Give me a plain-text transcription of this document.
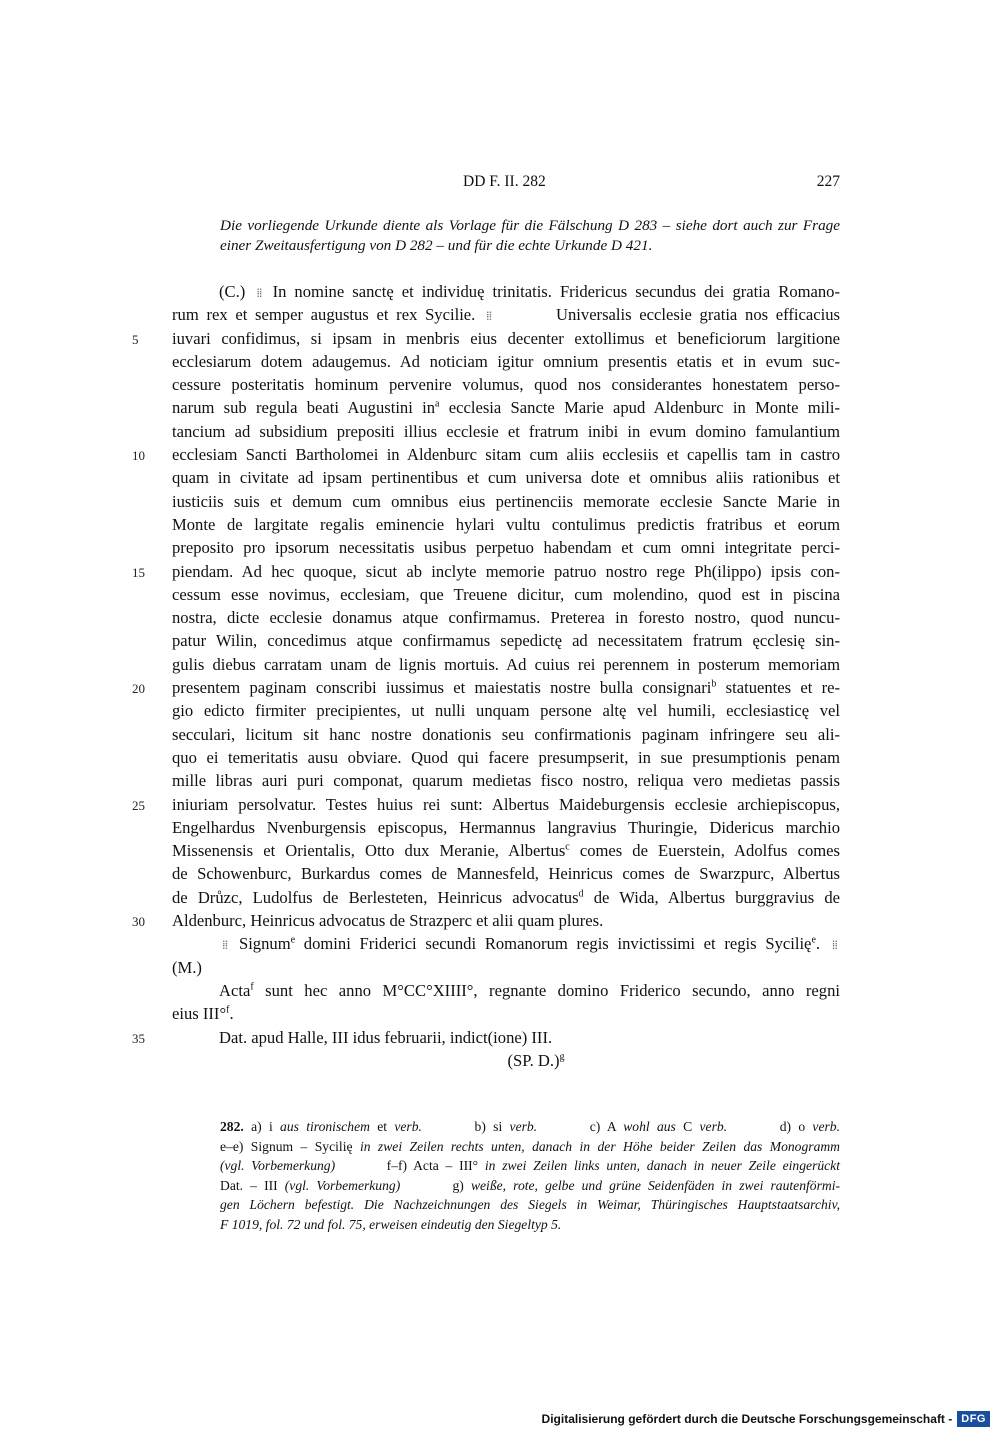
DD F. II. 282	227
Die vorliegende Urkunde diente als Vorlage für die Fälschung D 283 – siehe dort auch zur Frage einer Zweitausfertigung von D 282 – und für die echte Urkunde D 421.
(C.) ⁞⁞ In nomine sanctę et individuę trinitatis. Fridericus secundus dei gratia Romano-
rum rex et semper augustus et rex Sycilie. ⁞⁞        Universalis ecclesie gratia nos efficacius
5 iuvari confidimus, si ipsam in menbris eius decenter extollimus et beneficiorum largitione
ecclesiarum dotem adaugemus. Ad noticiam igitur omnium presentis etatis et in evum suc-
cessure posteritatis hominum pervenire volumus, quod nos considerantes honestatem perso-
narum sub regula beati Augustini $in^a$ ecclesia Sancte Marie apud Aldenburc in Monte mili-
tancium ad subsidium prepositi illius ecclesie et fratrum inibi in evum domino famulantium
10 ecclesiam Sancti Bartholomei in Aldenburc sitam cum aliis ecclesiis et capellis tam in castro
quam in civitate ad ipsam pertinentibus et cum universa dote et omnibus aliis rationibus et
iusticiis suis et demum cum omnibus eius pertinenciis memorate ecclesie Sancte Marie in
Monte de largitate regalis eminencie hylari vultu contulimus predictis fratribus et eorum
preposito pro ipsorum necessitatis usibus perpetuo habendam et cum omni integritate perci-
15 piendam. Ad hec quoque, sicut ab inclyte memorie patruo nostro rege Ph(ilippo) ipsis con-
cessum esse novimus, ecclesiam, que Treuene dicitur, cum molendino, quod est in piscina
nostra, dicte ecclesie donamus atque confirmamus. Preterea in foresto nostro, quod nuncu-
patur Wilin, concedimus atque confirmamus sepedictę ad necessitatem fratrum ęcclesię sin-
gulis diebus carratam unam de lignis mortuis. Ad cuius rei perennem in posterum memoriam
20 presentem paginam conscribi iussimus et maiestatis nostre bulla consignari$^b$ statuentes et re-
gio edicto firmiter precipientes, ut nulli unquam persone altę vel humili, ecclesiasticę vel
secculari, licitum sit hanc nostre donationis seu confirmationis paginam infringere seu ali-
quo ei temeritatis ausu obviare. Quod qui facere presumpserit, in sue presumptionis penam
mille libras auri puri componat, quarum medietas fisco nostro, reliqua vero medietas passis
25 iniuriam persolvatur. Testes huius rei sunt: Albertus Maideburgensis ecclesie archiepiscopus,
Engelhardus Nvenburgensis episcopus, Hermannus langravius Thuringie, Didericus marchio
Missenensis et Orientalis, Otto dux Meranie, Albertus$^c$ comes de Euerstein, Adolfus comes
de Schowenburc, Burkardus comes de Mannesfeld, Heinricus comes de Swarzpurc, Albertus
de Drůzc, Ludolfus de Berlesteten, Heinricus advocatus$^d$ de Wida, Albertus burggravius de
30 Aldenburc, Heinricus advocatus de Strazperc et alii quam plures.
⁞⁞ Signum$^e$ domini Friderici secundi Romanorum regis invictissimi et regis Sycilię$^e$. ⁞⁞
(M.)
Acta$^f$ sunt hec anno M°CC°XIIII°, regnante domino Friderico secundo, anno regni
eius III°$^f$.
35	Dat. apud Halle, III idus februarii, indict(ione) III.
(SP. D.)$^g$
282. a) i aus tironischem et verb.	b) si verb.	c) A wohl aus C verb.	d) o verb.
e–e) Signum – Sycilię in zwei Zeilen rechts unten, danach in der Höhe beider Zeilen das Monogramm
(vgl. Vorbemerkung)	f–f) Acta – III° in zwei Zeilen links unten, danach in neuer Zeile eingerückt
Dat. – III (vgl. Vorbemerkung)	g) weiße, rote, gelbe und grüne Seidenfäden in zwei rautenförmi-
gen Löchern befestigt. Die Nachzeichnungen des Siegels in Weimar, Thüringisches Hauptstaatsarchiv,
F 1019, fol. 72 und fol. 75, erweisen eindeutig den Siegeltyp 5.
Digitalisierung gefördert durch die Deutsche Forschungsgemeinschaft - DFG
